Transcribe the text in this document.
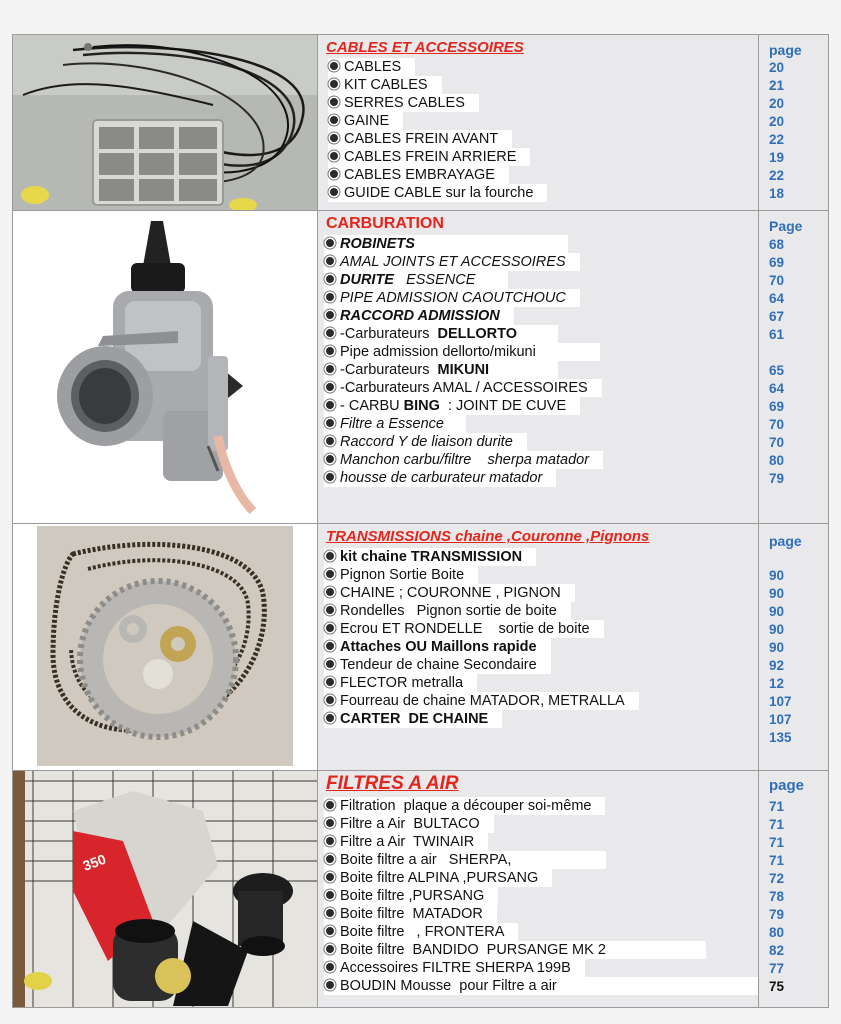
CABLES ET ACCESSOIRES
CABLES
KIT CABLES
SERRES CABLES
GAINE
CABLES FREIN AVANT
CABLES FREIN ARRIERE
CABLES EMBRAYAGE
GUIDE CABLE sur la fourche
page
20
21
20
20
22
19
22
18
CARBURATION
ROBINETS
AMAL JOINTS ET ACCESSOIRES
DURITE   ESSENCE
PIPE ADMISSION CAOUTCHOUC
RACCORD ADMISSION
-Carburateurs  DELLORTO
Pipe admission dellorto/mikuni
-Carburateurs  MIKUNI
-Carburateurs AMAL / ACCESSOIRES
- CARBU BING  : JOINT DE CUVE
Filtre a Essence
Raccord Y de liaison durite
Manchon carbu/filtre    sherpa matador
housse de carburateur matador
Page
68
69
70
64
67
61
65
64
69
70
70
80
79
TRANSMISSIONS chaine ,Couronne ,Pignons
kit chaine TRANSMISSION
Pignon Sortie Boite
CHAINE ; COURONNE , PIGNON
Rondelles   Pignon sortie de boite
Ecrou ET RONDELLE    sortie de boite
Attaches OU Maillons rapide
Tendeur de chaine Secondaire
FLECTOR metralla
Fourreau de chaine MATADOR, METRALLA
CARTER  DE CHAINE
page
90
90
90
90
90
92
12
107
107
135
350
FILTRES A AIR
Filtration  plaque a découper soi-même
Filtre a Air  BULTACO
Filtre a Air  TWINAIR
Boite filtre a air   SHERPA,
Boite filtre ALPINA ,PURSANG
Boite filtre ,PURSANG
Boite filtre  MATADOR
Boite filtre   , FRONTERA
Boite filtre  BANDIDO  PURSANGE MK 2
Accessoires FILTRE SHERPA 199B
BOUDIN Mousse  pour Filtre a air
page
71
71
71
71
72
78
79
80
82
77
75
